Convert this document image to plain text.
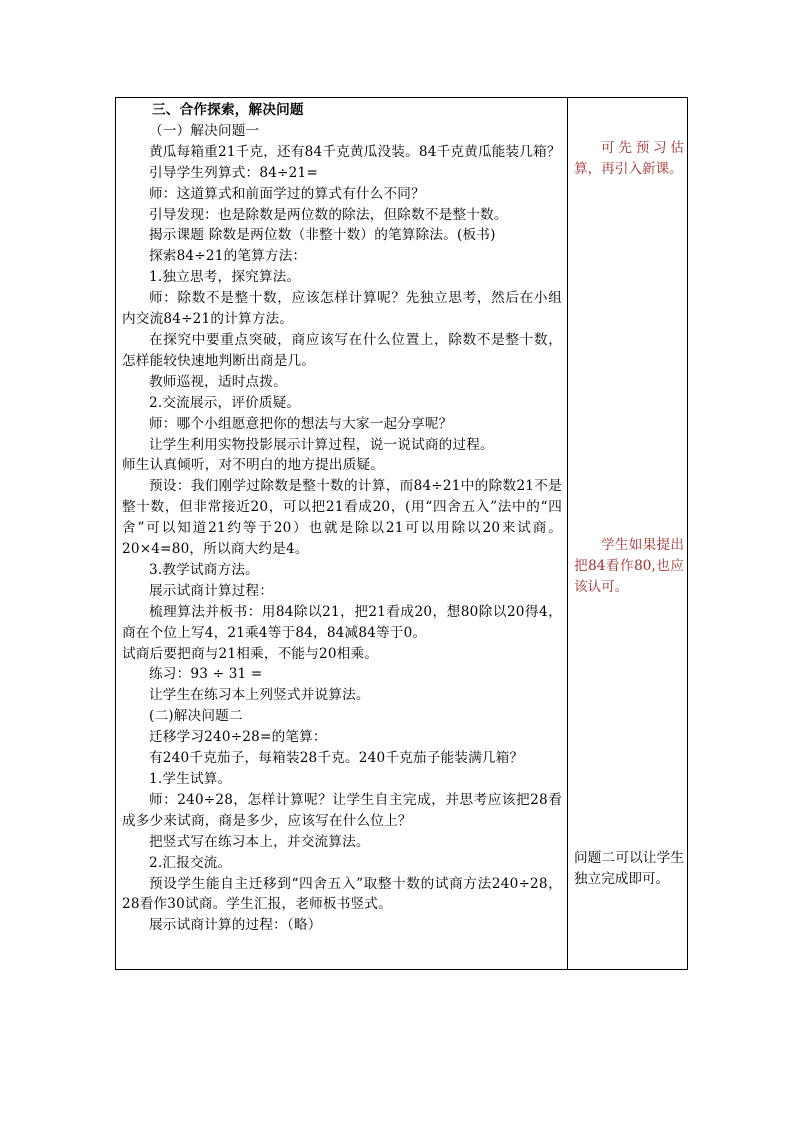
三、合作探索，解决问题

（一）解决问题一

黄瓜每箱重21千克，还有84千克黄瓜没装。84千克黄瓜能装几箱？

引导学生列算式：84÷21=

师：这道算式和前面学过的算式有什么不同？

引导发现：也是除数是两位数的除法，但除数不是整十数。

揭示课题 除数是两位数（非整十数）的笔算除法。(板书)

探索84÷21的笔算方法：

1.独立思考，探究算法。

师：除数不是整十数，应该怎样计算呢？先独立思考，然后在小组内交流84÷21的计算方法。

在探究中要重点突破，商应该写在什么位置上，除数不是整十数，怎样能较快速地判断出商是几。

教师巡视，适时点拨。

2.交流展示，评价质疑。

师：哪个小组愿意把你的想法与大家一起分享呢？

让学生利用实物投影展示计算过程，说一说试商的过程。

师生认真倾听，对不明白的地方提出质疑。

预设：我们刚学过除数是整十数的计算，而84÷21中的除数21不是整十数，但非常接近20，可以把21看成20，(用“四舍五入”法中的“四舍”可以知道21约等于20）也就是除以21可以用除以20来试商。20×4=80，所以商大约是4。

3.教学试商方法。

展示试商计算过程：

梳理算法并板书：用84除以21，把21看成20，想80除以20得4，商在个位上写4，21乘4等于84，84减84等于0。

试商后要把商与21相乘，不能与20相乘。

练习：93 ÷ 31 =

让学生在练习本上列竖式并说算法。

(二)解决问题二

迁移学习240÷28=的笔算：

有240千克茄子，每箱装28千克。240千克茄子能装满几箱？

1.学生试算。

师：240÷28，怎样计算呢？让学生自主完成，并思考应该把28看成多少来试商，商是多少，应该写在什么位上？

把竖式写在练习本上，并交流算法。

2.汇报交流。

预设学生能自主迁移到“四舍五入”取整十数的试商方法240÷28，28看作30试商。学生汇报，老师板书竖式。

展示试商计算的过程：（略）

可先预习估算，再引入新课。

学生如果提出把84看作80,也应该认可。

问题二可以让学生独立完成即可。
